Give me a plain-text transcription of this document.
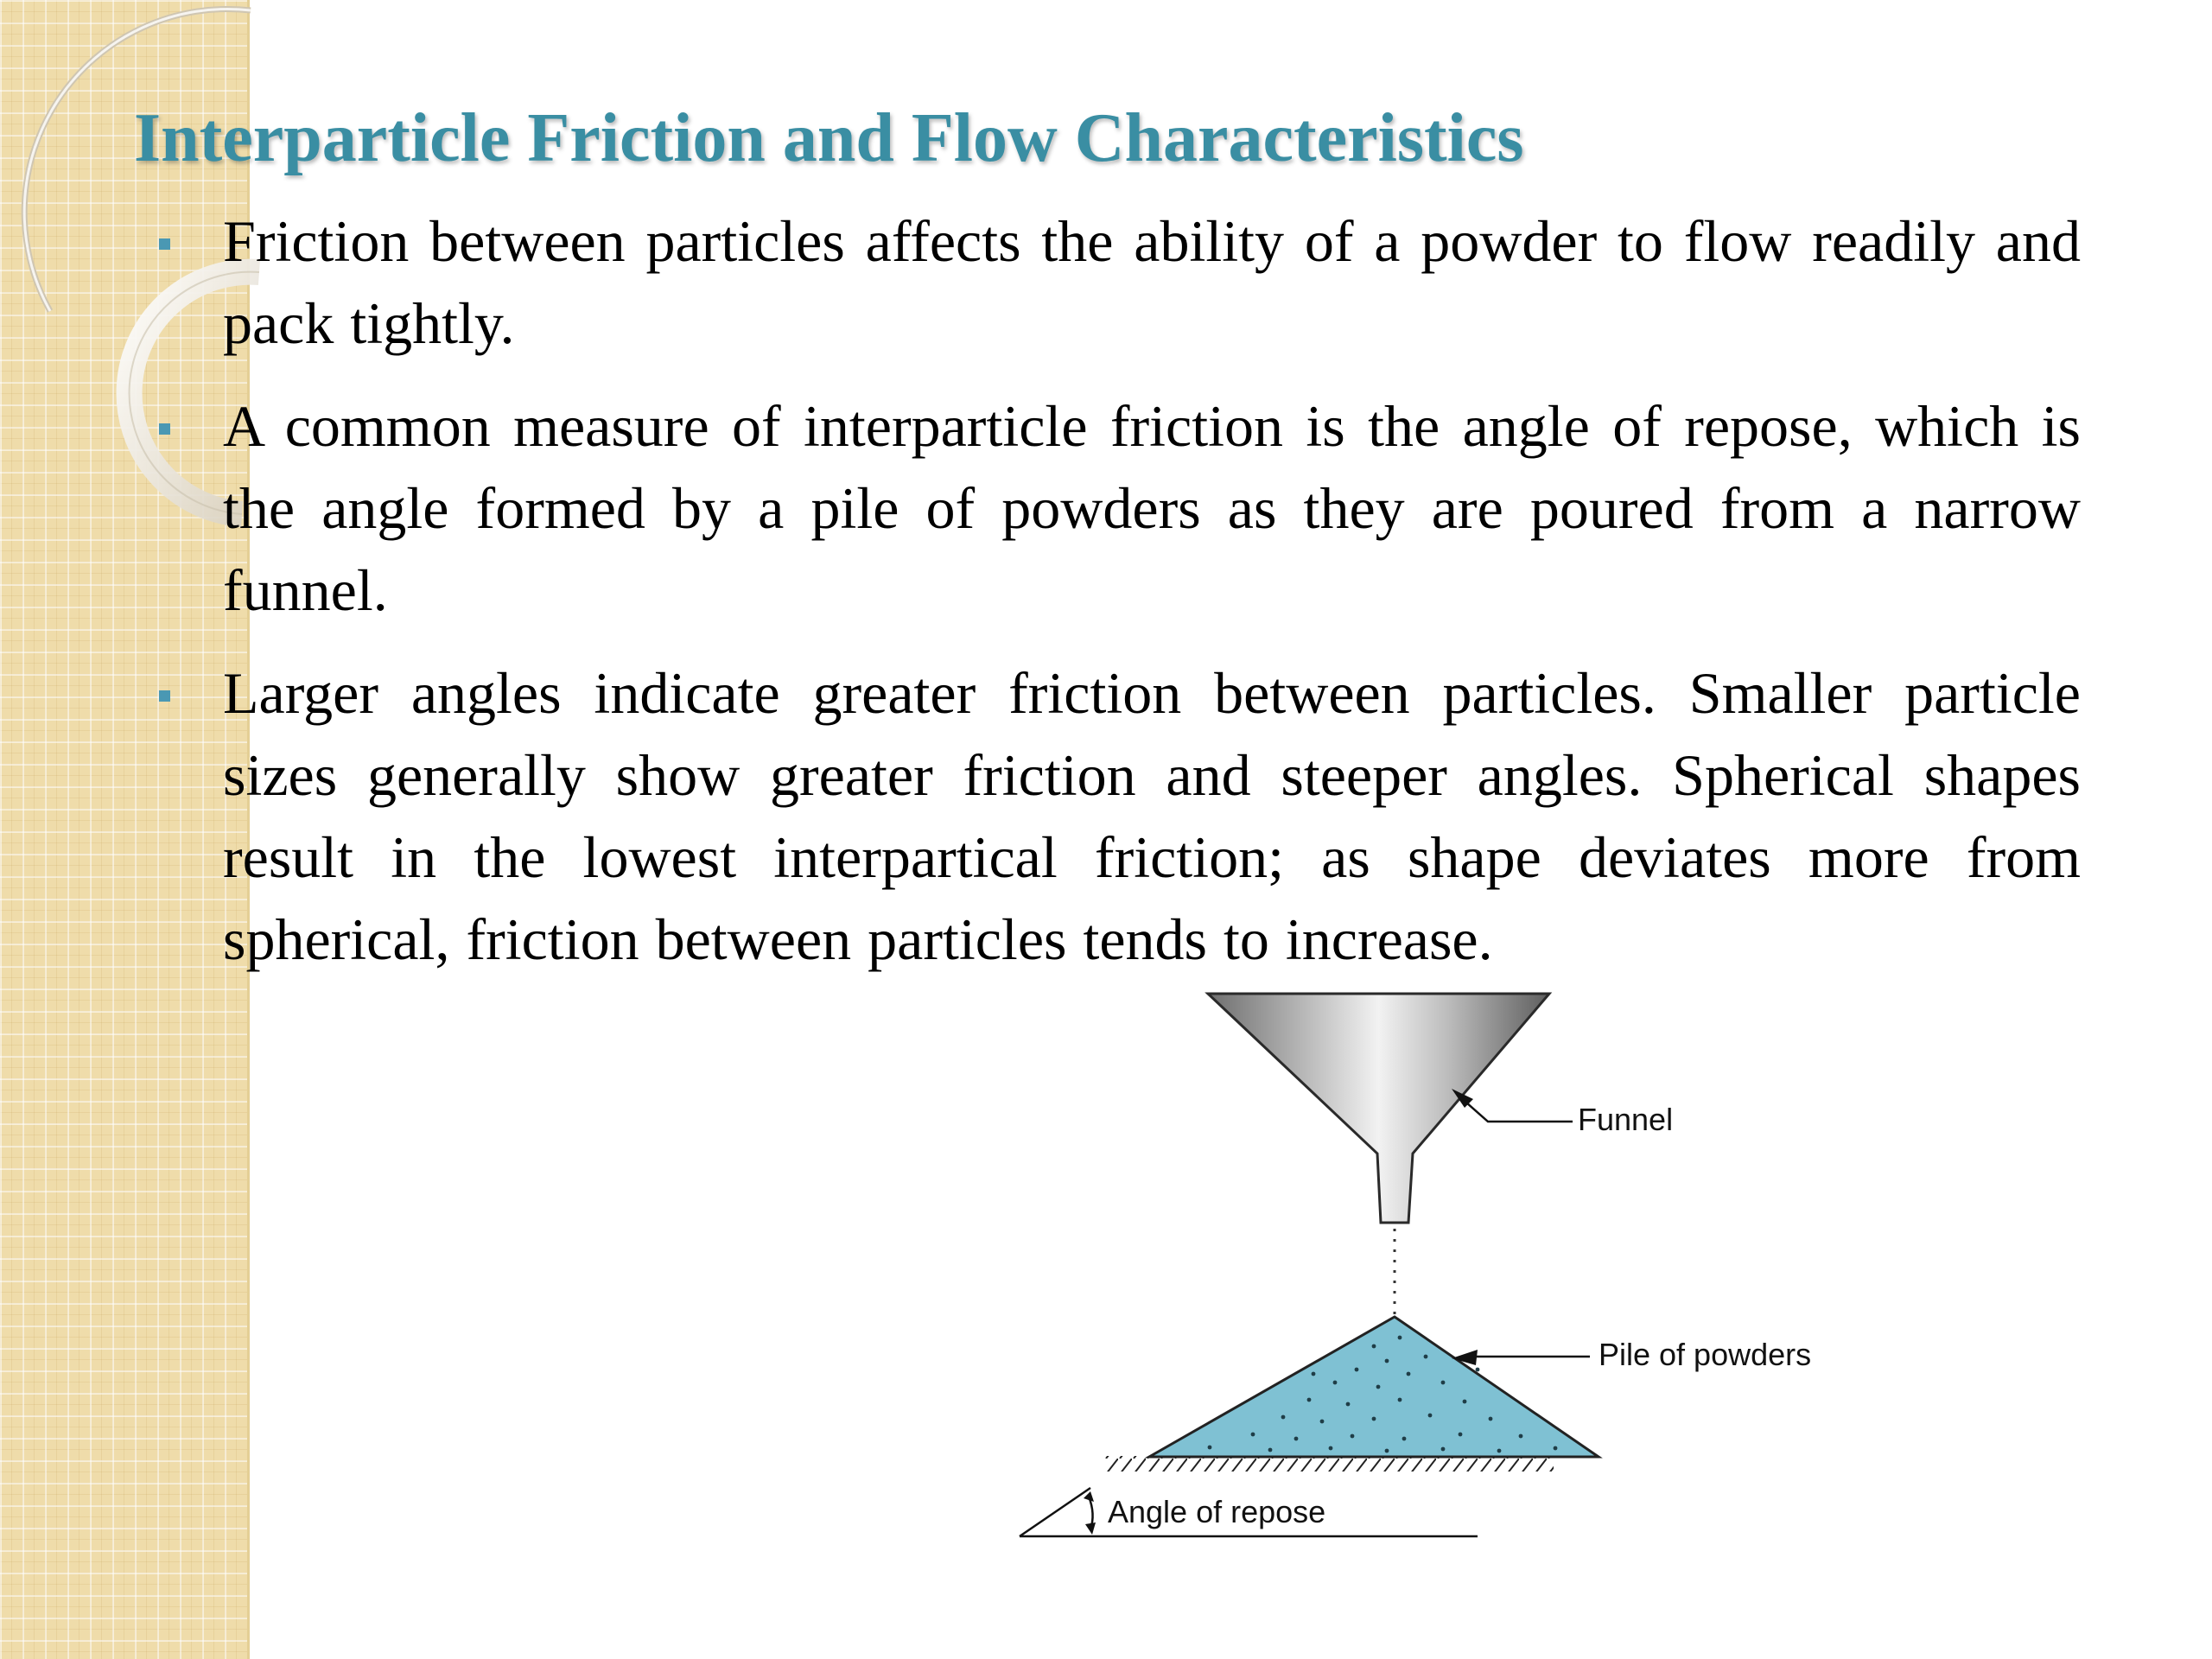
Interparticle Friction and Flow Characteristics
Friction between particles affects the ability of a powder to flow readily and pack tightly.
A common measure of interparticle friction is the angle of repose, which is the angle formed by a pile of powders as they are poured from a narrow funnel.
Larger angles indicate greater friction between particles. Smaller particle sizes generally show greater friction and steeper angles. Spherical shapes result in the lowest interpartical friction; as shape deviates more from spherical, friction between particles tends to increase.
Funnel
Pile of powders
Angle of repose
